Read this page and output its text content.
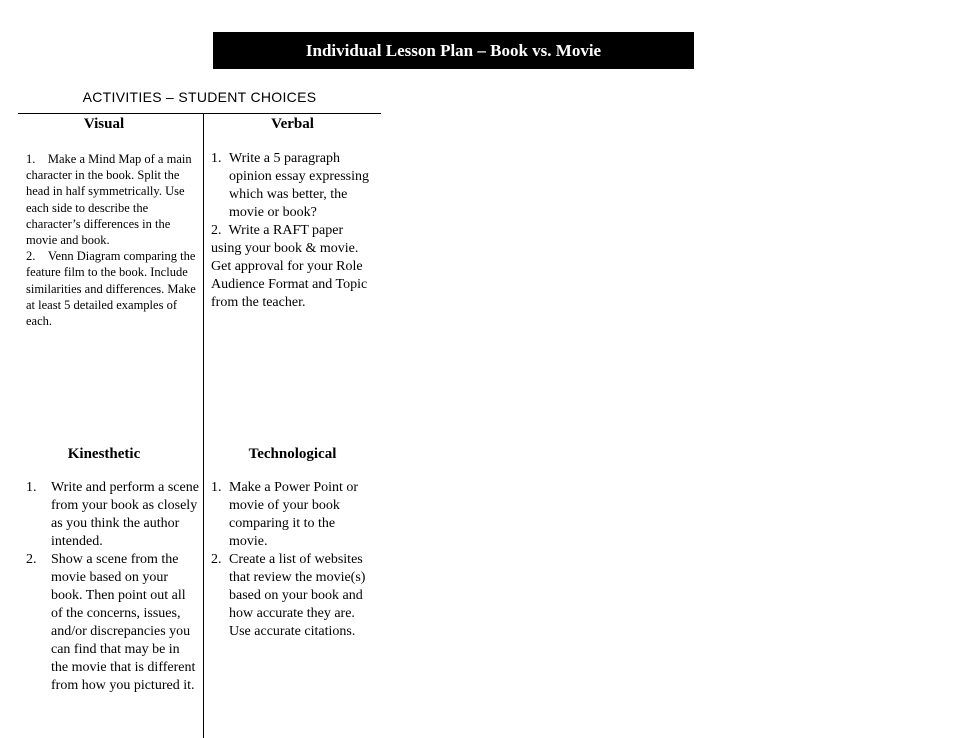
Individual Lesson Plan – Book vs. Movie
ACTIVITIES – STUDENT CHOICES
Visual

1. Make a Mind Map of a main character in the book. Split the head in half symmetrically. Use each side to describe the character’s differences in the movie and book.

2. Venn Diagram comparing the feature film to the book. Include similarities and differences. Make at least 5 detailed examples of each.

Verbal

1. Write a 5 paragraph opinion essay expressing which was better, the movie or book?

2. Write a RAFT paper using your book & movie. Get approval for your Role Audience Format and Topic from the teacher.

Kinesthetic

1. Write and perform a scene from your book as closely as you think the author intended.

2. Show a scene from the movie based on your book. Then point out all of the concerns, issues, and/or discrepancies you can find that may be in the movie that is different from how you pictured it.

Technological

1. Make a Power Point or movie of your book comparing it to the movie.

2. Create a list of websites that review the movie(s) based on your book and how accurate they are. Use accurate citations.
